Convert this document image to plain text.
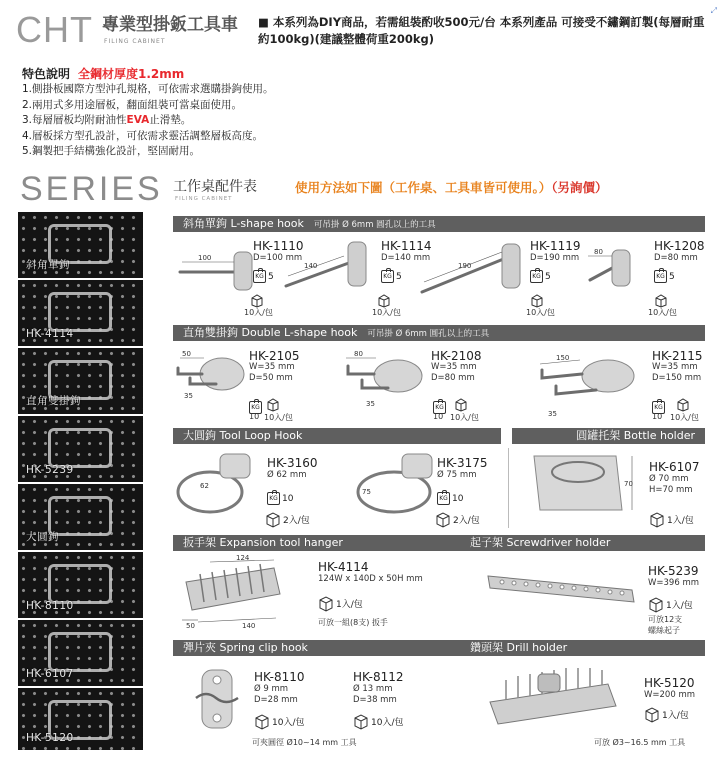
CHT 專業型掛鈑工具車
FILING CABINET
■ 本系列為DIY商品，若需組裝酌收500元/台 本系列產品 可接受不鏽鋼訂製(每層耐重約100kg)(建議整體荷重200kg)
⤢
特色說明 全鋼材厚度1.2mm
1.側掛板國際方型沖孔規格，可依需求選購掛鉤使用。
2.兩用式多用途層板，翻面組裝可當桌面使用。
3.每層層板均附耐油性EVA止滑墊。
4.層板採方型孔設計，可依需求靈活調整層板高度。
5.鋼製把手結構強化設計，堅固耐用。
SERIES 工作桌配件表
FILING CABINET
使用方法如下圖（工作桌、工具車皆可使用。）（另詢價）
斜角單鉤
HK-4114
直角雙掛鉤
HK-5239
大圓鉤
HK-8110
HK-6107
HK-5120
斜角單鉤 L-shape hook 可吊掛 Ø 6mm 圓孔以上的工具
100
140	190
80
HK-1110
D=100 mm
KG 5
10入/包
HK-1114
D=140 mm
KG 5
10入/包
HK-1119
D=190 mm
KG 5
10入/包
HK-1208
D=80 mm
KG 5
10入/包
直角雙掛鉤 Double L-shape hook 可吊掛 Ø 6mm 圓孔以上的工具
50
35
80
35
150
35
HK-2105
W=35 mm
D=50 mm
KG
10 10入/包
HK-2108
W=35 mm
D=80 mm
KG
10 10入/包
HK-2115
W=35 mm
D=150 mm
KG
10 10入/包
大圓鉤 Tool Loop Hook	圓罐托架 Bottle holder
62
75
HK-3160
Ø 62 mm
KG 10
2入/包
HK-3175
Ø 75 mm
KG 10
2入/包
70
HK-6107
Ø 70 mm
H=70 mm
1入/包
扳手架 Expansion tool hanger	起子架 Screwdriver holder
124
140
50
HK-4114
124W x 140D x 50H mm
1入/包
可放一組(8支) 扳手
HK-5239
W=396 mm
1入/包
可放12支
螺絲起子
彈片夾 Spring clip hook	鑽頭架 Drill holder
HK-8110
Ø 9 mm
D=28 mm
10入/包
HK-8112
Ø 13 mm
D=38 mm
10入/包
可夾圓徑 Ø10~14 mm 工具
HK-5120
W=200 mm
1入/包
可放 Ø3~16.5 mm 工具
